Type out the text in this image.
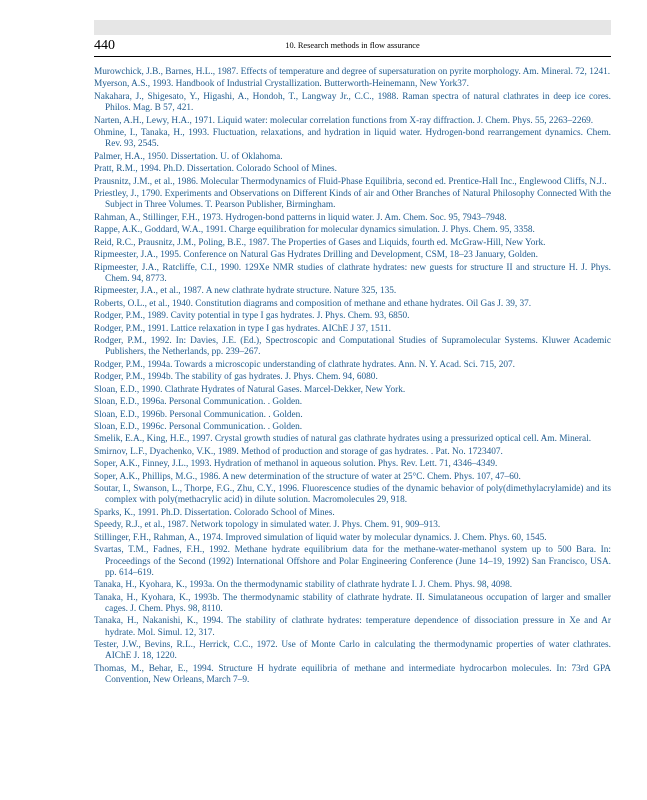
440	10. Research methods in flow assurance
Murowchick, J.B., Barnes, H.L., 1987. Effects of temperature and degree of supersaturation on pyrite morphology. Am. Mineral. 72, 1241.
Myerson, A.S., 1993. Handbook of Industrial Crystallization. Butterworth-Heinemann, New York37.
Nakahara, J., Shigesato, Y., Higashi, A., Hondoh, T., Langway Jr., C.C., 1988. Raman spectra of natural clathrates in deep ice cores. Philos. Mag. B 57, 421.
Narten, A.H., Lewy, H.A., 1971. Liquid water: molecular correlation functions from X-ray diffraction. J. Chem. Phys. 55, 2263–2269.
Ohmine, I., Tanaka, H., 1993. Fluctuation, relaxations, and hydration in liquid water. Hydrogen-bond rearrangement dynamics. Chem. Rev. 93, 2545.
Palmer, H.A., 1950. Dissertation. U. of Oklahoma.
Pratt, R.M., 1994. Ph.D. Dissertation. Colorado School of Mines.
Prausnitz, J.M., et al., 1986. Molecular Thermodynamics of Fluid-Phase Equilibria, second ed. Prentice-Hall Inc., Englewood Cliffs, N.J..
Priestley, J., 1790. Experiments and Observations on Different Kinds of air and Other Branches of Natural Philosophy Connected With the Subject in Three Volumes. T. Pearson Publisher, Birmingham.
Rahman, A., Stillinger, F.H., 1973. Hydrogen-bond patterns in liquid water. J. Am. Chem. Soc. 95, 7943–7948.
Rappe, A.K., Goddard, W.A., 1991. Charge equilibration for molecular dynamics simulation. J. Phys. Chem. 95, 3358.
Reid, R.C., Prausnitz, J.M., Poling, B.E., 1987. The Properties of Gases and Liquids, fourth ed. McGraw-Hill, New York.
Ripmeester, J.A., 1995. Conference on Natural Gas Hydrates Drilling and Development, CSM, 18–23 January, Golden.
Ripmeester, J.A., Ratcliffe, C.I., 1990. 129Xe NMR studies of clathrate hydrates: new guests for structure II and structure H. J. Phys. Chem. 94, 8773.
Ripmeester, J.A., et al., 1987. A new clathrate hydrate structure. Nature 325, 135.
Roberts, O.L., et al., 1940. Constitution diagrams and composition of methane and ethane hydrates. Oil Gas J. 39, 37.
Rodger, P.M., 1989. Cavity potential in type I gas hydrates. J. Phys. Chem. 93, 6850.
Rodger, P.M., 1991. Lattice relaxation in type I gas hydrates. AIChE J 37, 1511.
Rodger, P.M., 1992. In: Davies, J.E. (Ed.), Spectroscopic and Computational Studies of Supramolecular Systems. Kluwer Academic Publishers, the Netherlands, pp. 239–267.
Rodger, P.M., 1994a. Towards a microscopic understanding of clathrate hydrates. Ann. N. Y. Acad. Sci. 715, 207.
Rodger, P.M., 1994b. The stability of gas hydrates. J. Phys. Chem. 94, 6080.
Sloan, E.D., 1990. Clathrate Hydrates of Natural Gases. Marcel-Dekker, New York.
Sloan, E.D., 1996a. Personal Communication. . Golden.
Sloan, E.D., 1996b. Personal Communication. . Golden.
Sloan, E.D., 1996c. Personal Communication. . Golden.
Smelik, E.A., King, H.E., 1997. Crystal growth studies of natural gas clathrate hydrates using a pressurized optical cell. Am. Mineral.
Smirnov, L.F., Dyachenko, V.K., 1989. Method of production and storage of gas hydrates. . Pat. No. 1723407.
Soper, A.K., Finney, J.L., 1993. Hydration of methanol in aqueous solution. Phys. Rev. Lett. 71, 4346–4349.
Soper, A.K., Phillips, M.G., 1986. A new determination of the structure of water at 25°C. Chem. Phys. 107, 47–60.
Soutar, I., Swanson, L., Thorpe, F.G., Zhu, C.Y., 1996. Fluorescence studies of the dynamic behavior of poly(dimethylacrylamide) and its complex with poly(methacrylic acid) in dilute solution. Macromolecules 29, 918.
Sparks, K., 1991. Ph.D. Dissertation. Colorado School of Mines.
Speedy, R.J., et al., 1987. Network topology in simulated water. J. Phys. Chem. 91, 909–913.
Stillinger, F.H., Rahman, A., 1974. Improved simulation of liquid water by molecular dynamics. J. Chem. Phys. 60, 1545.
Svartas, T.M., Fadnes, F.H., 1992. Methane hydrate equilibrium data for the methane-water-methanol system up to 500 Bara. In: Proceedings of the Second (1992) International Offshore and Polar Engineering Conference (June 14–19, 1992) San Francisco, USA. pp. 614–619.
Tanaka, H., Kyohara, K., 1993a. On the thermodynamic stability of clathrate hydrate I. J. Chem. Phys. 98, 4098.
Tanaka, H., Kyohara, K., 1993b. The thermodynamic stability of clathrate hydrate. II. Simulataneous occupation of larger and smaller cages. J. Chem. Phys. 98, 8110.
Tanaka, H., Nakanishi, K., 1994. The stability of clathrate hydrates: temperature dependence of dissociation pressure in Xe and Ar hydrate. Mol. Simul. 12, 317.
Tester, J.W., Bevins, R.L., Herrick, C.C., 1972. Use of Monte Carlo in calculating the thermodynamic properties of water clathrates. AIChE J. 18, 1220.
Thomas, M., Behar, E., 1994. Structure H hydrate equilibria of methane and intermediate hydrocarbon molecules. In: 73rd GPA Convention, New Orleans, March 7–9.
